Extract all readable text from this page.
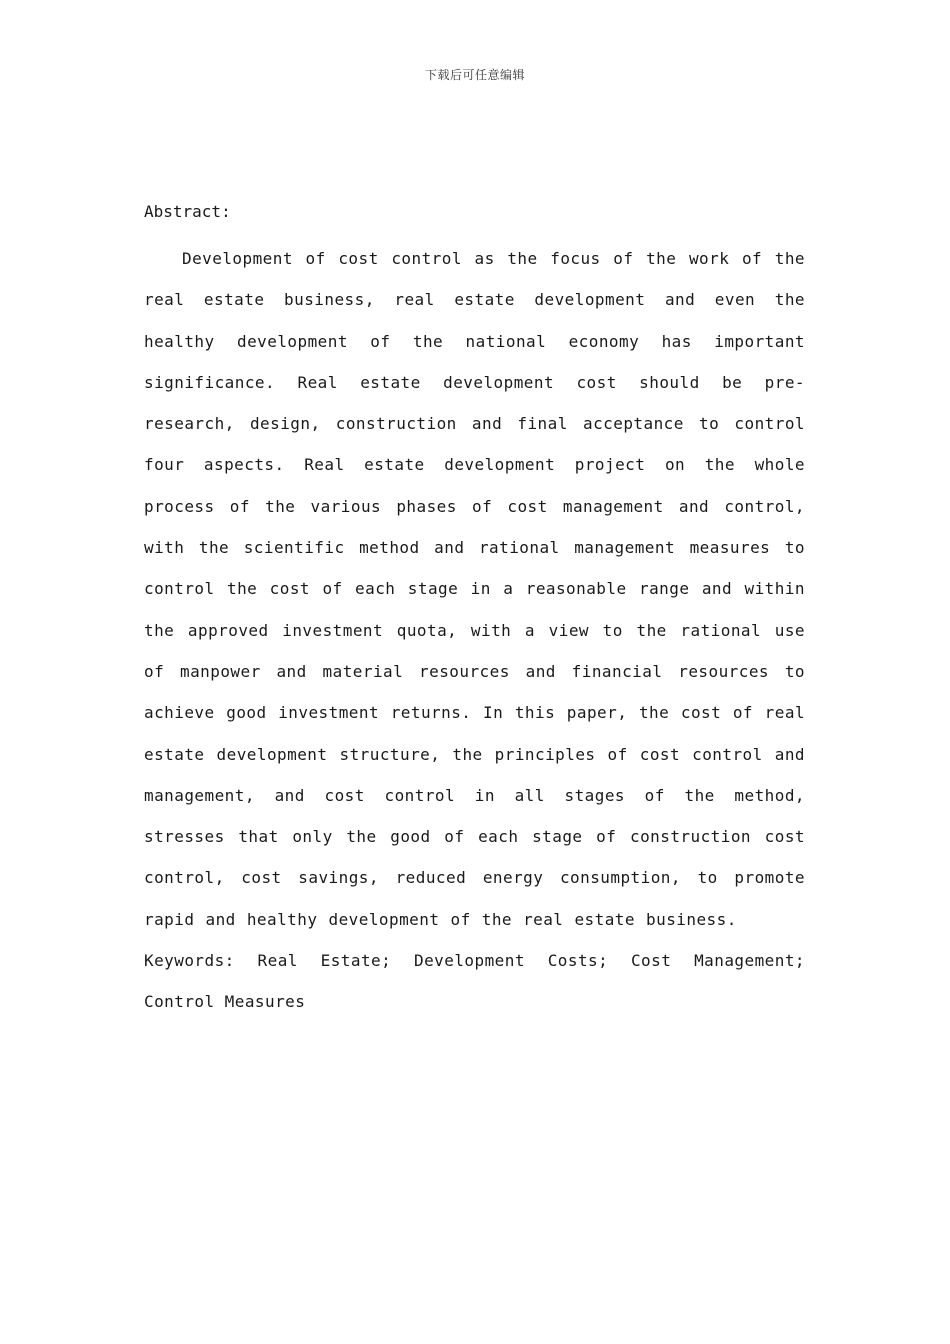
下载后可任意编辑

Abstract:

Development of cost control as the focus of the work of the real estate business, real estate development and even the healthy development of the national economy has important significance. Real estate development cost should be pre-research, design, construction and final acceptance to control four aspects. Real estate development project on the whole process of the various phases of cost management and control, with the scientific method and rational management measures to control the cost of each stage in a reasonable range and within the approved investment quota, with a view to the rational use of manpower and material resources and financial resources to achieve good investment returns. In this paper, the cost of real estate development structure, the principles of cost control and management, and cost control in all stages of the method, stresses that only the good of each stage of construction cost control, cost savings, reduced energy consumption, to promote rapid and healthy development of the real estate business.

Keywords: Real Estate; Development Costs; Cost Management; Control Measures
